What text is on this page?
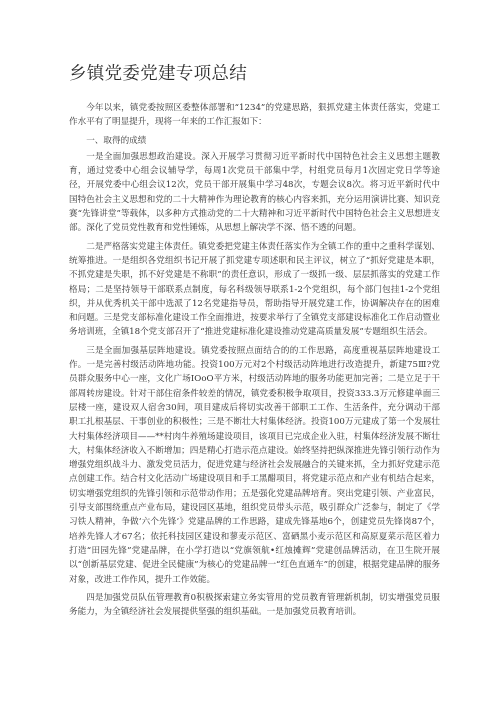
乡镇党委党建专项总结

今年以来，镇党委按照区委整体部署和“1234”的党建思路，狠抓党建主体责任落实，党建工作水平有了明显提升，现将一年来的工作汇报如下：

一、取得的成绩

一是全面加强思想政治建设。深入开展学习贯彻习近平新时代中国特色社会主义思想主题教育，通过党委中心组会议辅导学，每周1次党员干部集中学，村组党员每月1次固定党日学等途径，开展党委中心组会议12次，党员干部开展集中学习48次，专题会议8次。将习近平新时代中国特色社会主义思想和党的二十大精神作为理论教育的核心内容来抓，充分运用演讲比赛、知识竞赛“先锋讲堂”等载体，以多种方式推动党的二十大精神和习近平新时代中国特色社会主义思想进支部。深化了党员党性教育和党性锤炼，从思想上解决学不深、悟不透的问题。

二是严格落实党建主体责任。镇党委把党建主体责任落实作为全镇工作的重中之重科学谋划、统筹推进。一是组织各党组织书记开展了抓党建专项述职和民主评议，树立了“抓好党建是本职，不抓党建是失职，抓不好党建是不称职”的责任意识，形成了一级抓一级、层层抓落实的党建工作格局；二是坚持领导干部联系点制度，每名科级领导联系1-2个党组织，每个部门包挂1-2个党组织，并从优秀机关干部中选派了12名党建指导员，帮助指导开展党建工作，协调解决存在的困难和问题。三是党支部标准化建设工作全面推进，按要求举行了全镇党支部建设标准化工作启动暨业务培训班，全镇18个党支部召开了“推进党建标准化建设推动党建高质量发展”专题组织生活会。

三是全面加强基层阵地建设。镇党委按照点面结合的的工作思路，高度重视基层阵地建设工作。一是完善村级活动阵地功能。投资100万元对2个村级活动阵地进行改造提升，新建75Ⅲ?党员群众服务中心一座，文化广场IOoO平方米，村级活动阵地的服务功能更加完善；二是立足于干部周转房建设。针对干部住宿条件较差的情况，镇党委积极争取项目，投资333.3万元修建单面三层楼一座，建设双人宿舍30间，项目建成后将切实改善干部职工工作、生活条件，充分调动干部职工扎根基层、干事创业的积极性；三是不断壮大村集体经济。投资100万元建成了第一个发展壮大村集体经济项目——**村肉牛养殖场建设项目，该项目已完成企业入驻，村集体经济发展不断壮大，村集体经济收入不断增加；四是精心打造示范点建设。始终坚持把纵深推进先锋引领行动作为增强党组织战斗力、激发党员活力，促进党建与经济社会发展融合的关键来抓，全力抓好党建示范点创建工作。结合村文化活动广场建设项目和手工黑醋项目，将党建示范点和产业有机结合起来，切实增强党组织的先锋引领和示范带动作用；五是强化党建品牌培育。突出党建引领、产业富民，引导支部围绕重点产业布局，建设园区基地，组织党员带头示范，吸引群众广泛参与，制定了《学习铁人精神，争做‘六个先锋’》党建品牌的工作思路，建成先锋基地6个，创建党员先锋岗87个，培养先锋人才67名；依托科技园区建设和蓼麦示范区、富硒黑小麦示范区和高原夏菜示范区着力打造“田园先锋”党建品牌，在小学打造以“党旗领航•红烛摊辉”党建创品牌活动，在卫生院开展以“创新基层党建、促进全民健康”为核心的党建品牌一“红色直通车”的创建，根据党建品牌的服务对象，改进工作作风，提升工作效能。

四是加强党员队伍管理教育0积极探索建立务实管用的党员教育管理新机制，切实增强党员服务能力，为全镇经济社会发展提供坚强的组织基础。一是加强党员教育培训。
